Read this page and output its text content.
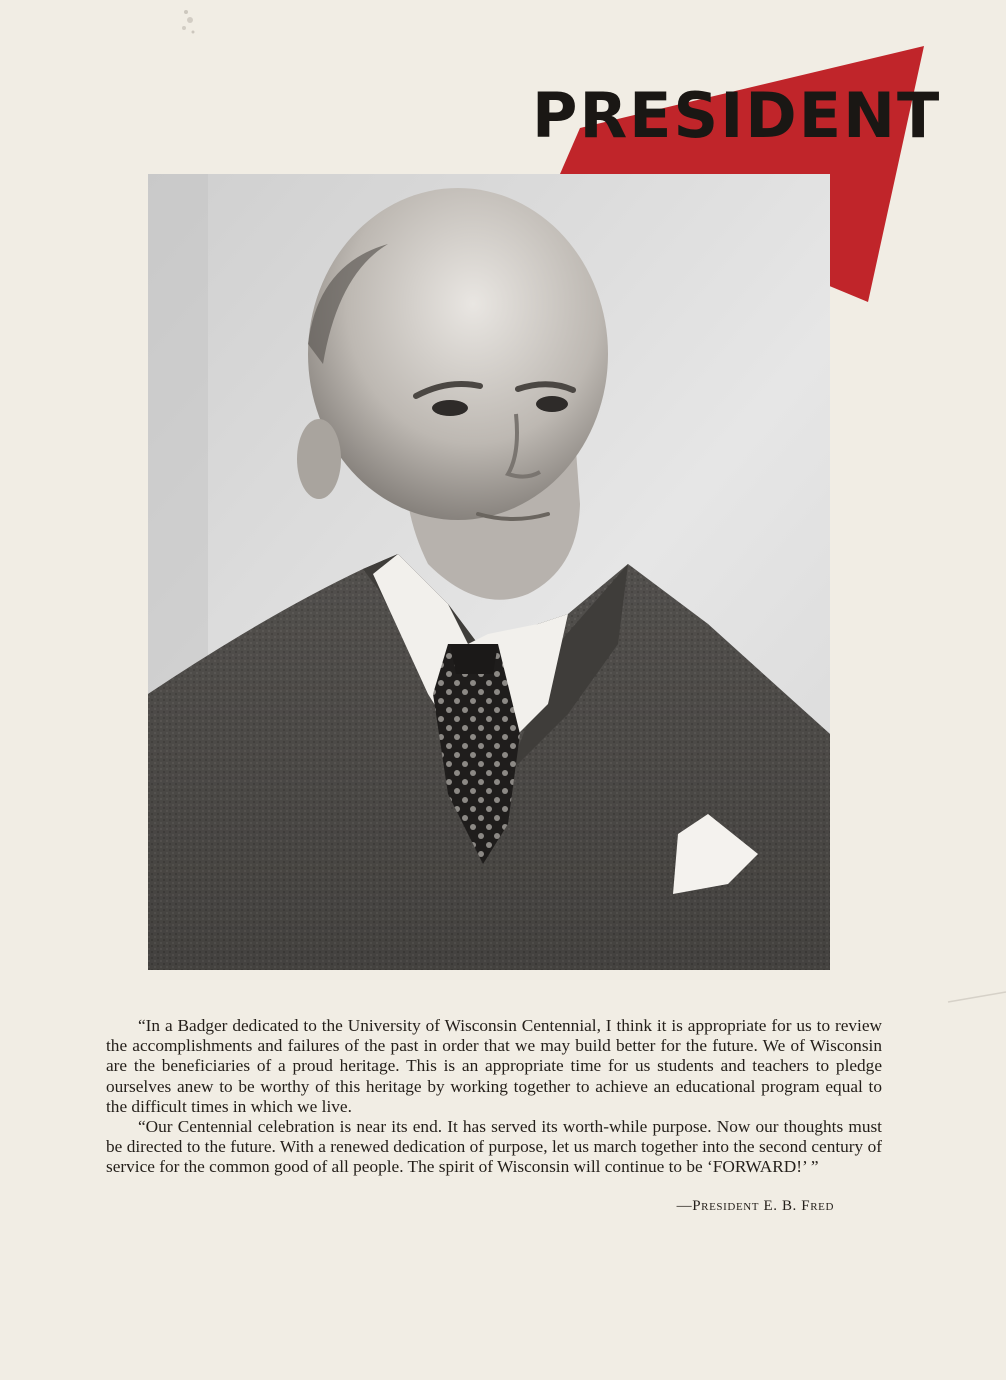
PRESIDENT

“In a Badger dedicated to the University of Wisconsin Centennial, I think it is appropriate for us to review the accomplishments and failures of the past in order that we may build better for the future. We of Wisconsin are the beneficiaries of a proud heritage. This is an appropriate time for us students and teachers to pledge ourselves anew to be worthy of this heritage by working together to achieve an educational program equal to the difficult times in which we live.

“Our Centennial celebration is near its end. It has served its worth-while purpose. Now our thoughts must be directed to the future. With a renewed dedication of purpose, let us march together into the second century of service for the common good of all people. The spirit of Wisconsin will continue to be ‘FORWARD!’ ”

—President E. B. Fred
